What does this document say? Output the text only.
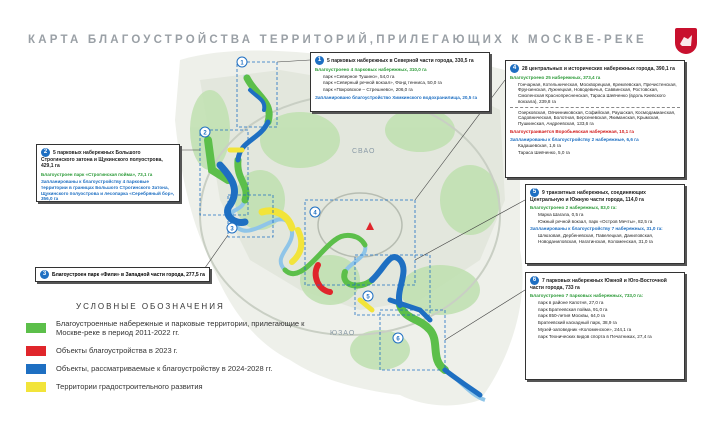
1
2
3
4
5
6
СВАО
ЮЗАО
КАРТА БЛАГОУСТРОЙСТВА ТЕРРИТОРИЙ,ПРИЛЕГАЮЩИХ К МОСКВЕ-РЕКЕ
1 5 парковых набережных в Северной части города, 330,5 га
Благоустроено 4 парковых набережных, 310,0 га
парк «Северное Тушино», 54,0 га
парк «Северный речной вокзал», Фонд тенниса, 50,0 га
парк «Покровское – Стрешнево», 206,0 га
Запланировано благоустройство Химкинского водохранилища, 20,5 га
2 5 парковых набережных Большого Строгинского затона и Щукинского полуострова, 429,1 га
Благоустроен парк «Строгинская пойма», 73,1 га
Запланированы к благоустройству 4 парковые территории в границах Большого Строгинского Затона, Щукинского полуострова и лесопарка «Серебряный бор», 356,0 га
3 Благоустроен парк «Фили» в Западной части города, 277,5 га
4 28 центральных и исторических набережных города, 390,1 га
Благоустроено 25 набережных, 373,4 га
Гончарная, Котельническая, Москворецкая, Кремлевская, Пречистенская, Фрунзенская, Лужнецкая, Новодевичья, Саввинская, Ростовская, Смоленская Краснопресненская, Тараса Шевченко (вдоль Киевского вокзала), 239,8 га
Озерковская, Овчинниковская, Софийская, Раушская, Космодамианская, Садовническая, Болотная, Берсеневская, Якиманская, Крымская, Пушкинская, Андреевская, 133,6 га
Благоустраивается Воробьевская набережная, 10,1 га
Запланированы к благоустройству 2 набережные, 6,6 га
Кадашевская, 1,6 га
Тараса Шевченко, 5,0 га
5 9 транзитных набережных, соединяющих Центральную и Южную части города, 114,0 га
Благоустроено 2 набережных, 83,0 га:
Марка Шагала, 0,5 га
Южный речной вокзал, парк «Остров Мечты», 82,5 га
Запланированы к благоустройству 7 набережных, 31,0 га:
Шлюзовая, Дербеневская, Павелецкая, Даниловская, Новоданиловская, Нагатинская, Коломенская, 31,0 га
6 7 парковых набережных Южной и Юго-Восточной части города, 733 га
Благоустроено 7 парковых набережных, 733,0 га:
парк в районе Капотня, 27,0 га
парк Братеевская пойма, 91,0 га
парк 850-летия Москвы, 64,0 га
Братеевский каскадный парк, 38,9 га
Музей-заповедник «Коломенское», 244,1 га
парк Технических видов спорта в Печатниках, 27,4 га
УСЛОВНЫЕ ОБОЗНАЧЕНИЯ
Благоустроенные набережные и парковые территории, прилегающие к Москве-реке в период 2011-2022 гг.
Объекты благоустройства в 2023 г.
Объекты, рассматриваемые к благоустройству в 2024-2028 гг.
Территории градостроительного развития
